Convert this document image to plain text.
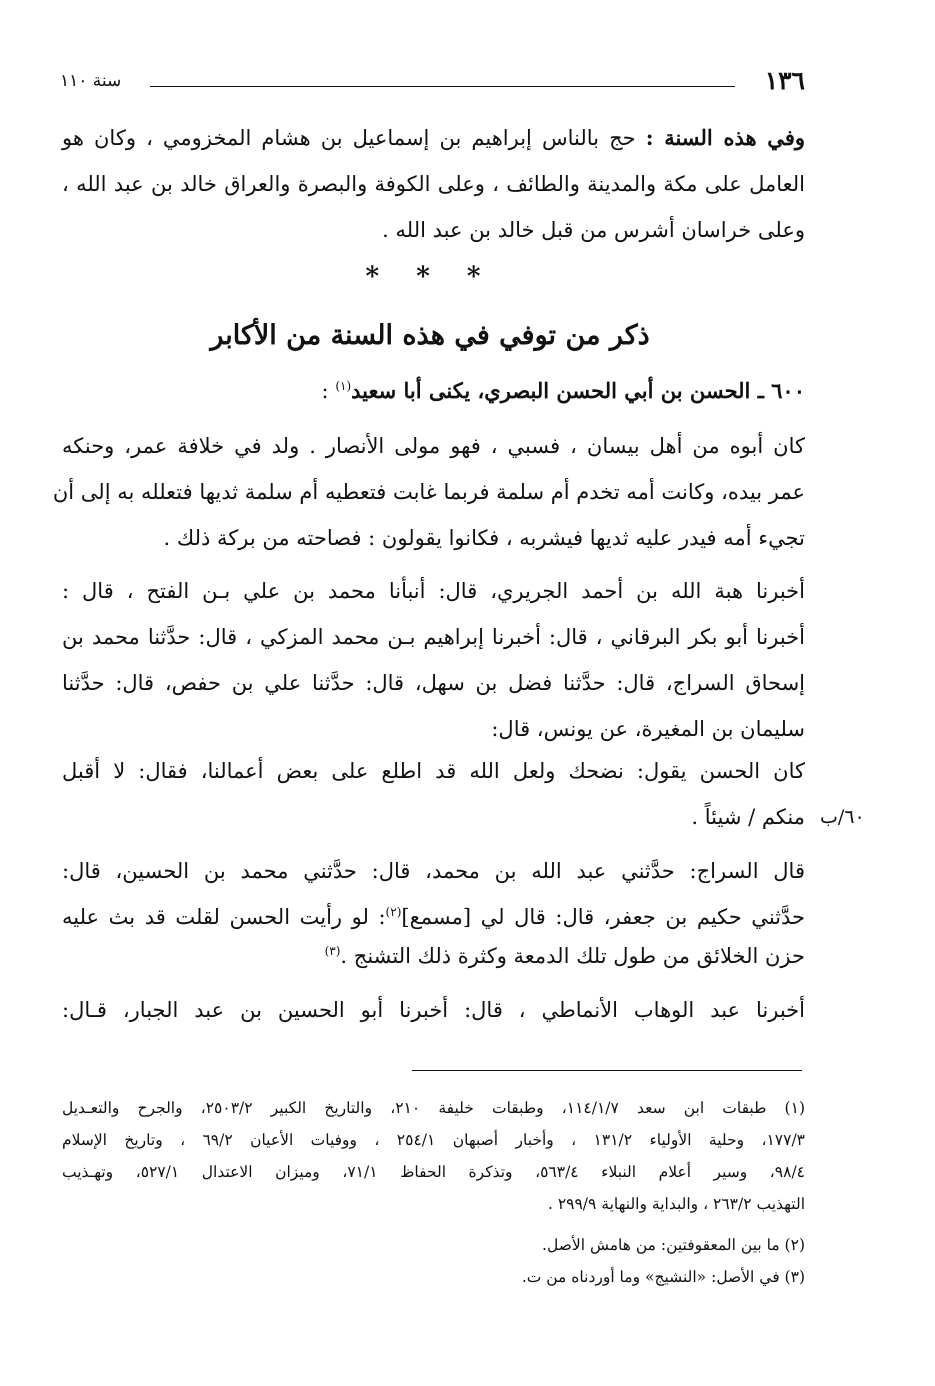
١٣٦
سنة ١١٠
وفي هذه السنة : حج بالناس إبراهيم بن إسماعيل بن هشام المخزومي ، وكان هو
العامل على مكة والمدينة والطائف ، وعلى الكوفة والبصرة والعراق خالد بن عبد الله ،
وعلى خراسان أشرس من قبل خالد بن عبد الله .
* * *
ذكر من توفي في هذه السنة من الأكابر
٦٠٠ ـ الحسن بن أبي الحسن البصري، يكنى أبا سعيد$^{(١)}$ :
كان أبوه من أهل بيسان ، فسبي ، فهو مولى الأنصار . ولد في خلافة عمر، وحنكه
عمر بيده، وكانت أمه تخدم أم سلمة فربما غابت فتعطيه أم سلمة ثديها فتعلله به إلى أن
تجيء أمه فيدر عليه ثديها فيشربه ، فكانوا يقولون : فصاحته من بركة ذلك .
أخبرنا هبة الله بن أحمد الجريري، قال: أنبأنا محمد بن علي بـن الفتح ، قال :
أخبرنا أبو بكر البرقاني ، قال: أخبرنا إبراهيم بـن محمد المزكي ، قال: حدَّثنا محمد بن
إسحاق السراج، قال: حدَّثنا فضل بن سهل، قال: حدَّثنا علي بن حفص، قال: حدَّثنا
سليمان بن المغيرة، عن يونس، قال:
كان الحسن يقول: نضحك ولعل الله قد اطلع على بعض أعمالنا، فقال: لا أقبل
منكم / شيئاً . ٦٠/ب
قال السراج: حدَّثني عبد الله بن محمد، قال: حدَّثني محمد بن الحسين، قال:
حدَّثني حكيم بن جعفر، قال: قال لي [مسمع]$^{(٢)}$: لو رأيت الحسن لقلت قد بث عليه
حزن الخلائق من طول تلك الدمعة وكثرة ذلك التشنج .$^{(٣)}$
أخبرنا عبد الوهاب الأنماطي ، قال: أخبرنا أبو الحسين بن عبد الجبار، قـال:
(١) طبقات ابن سعد ١١٤/١/٧، وطبقات خليفة ٢١٠، والتاريخ الكبير ٢٥٠٣/٢، والجرح والتعـديل
١٧٧/٣، وحلية الأولياء ١٣١/٢ ، وأخبار أصبهان ٢٥٤/١ ، ووفيات الأعيان ٦٩/٢ ، وتاريخ الإسلام
٩٨/٤، وسير أعلام النبلاء ٥٦٣/٤، وتذكرة الحفاظ ٧١/١، وميزان الاعتدال ٥٢٧/١، وتهـذيب
التهذيب ٢٦٣/٢ ، والبداية والنهاية ٢٩٩/٩ .
(٢) ما بين المعقوفتين: من هامش الأصل.
(٣) في الأصل: «النشيج» وما أوردناه من ت.
